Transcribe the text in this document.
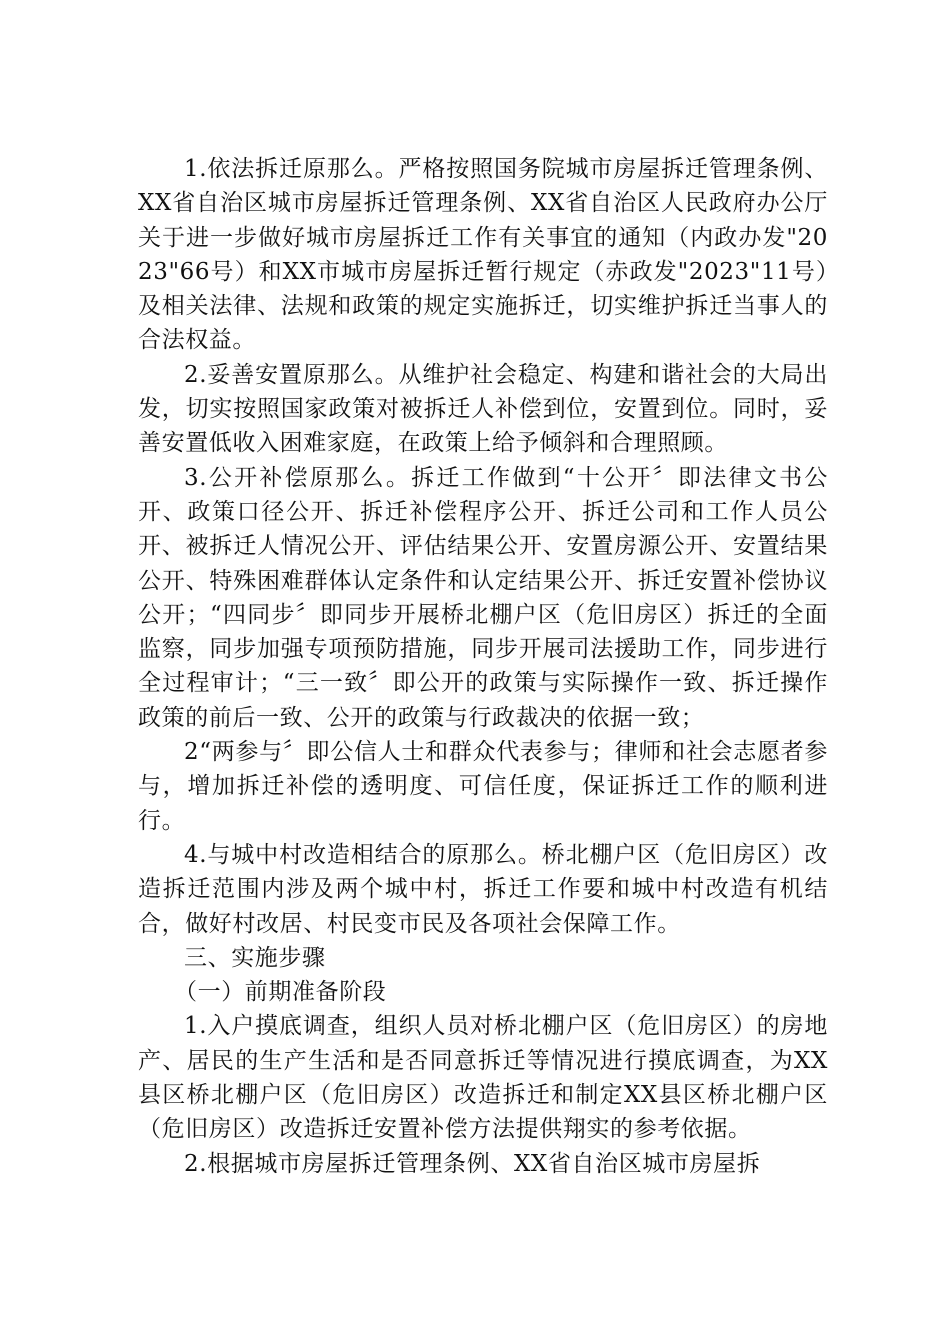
1.依法拆迁原那么。严格按照国务院城市房屋拆迁管理条例、XX省自治区城市房屋拆迁管理条例、XX省自治区人民政府办公厅关于进一步做好城市房屋拆迁工作有关事宜的通知（内政办发"2023"66号）和XX市城市房屋拆迁暂行规定（赤政发"2023"11号）及相关法律、法规和政策的规定实施拆迁，切实维护拆迁当事人的合法权益。

2.妥善安置原那么。从维护社会稳定、构建和谐社会的大局出发，切实按照国家政策对被拆迁人补偿到位，安置到位。同时，妥善安置低收入困难家庭，在政策上给予倾斜和合理照顾。

3.公开补偿原那么。拆迁工作做到“十公开〞即法律文书公开、政策口径公开、拆迁补偿程序公开、拆迁公司和工作人员公开、被拆迁人情况公开、评估结果公开、安置房源公开、安置结果公开、特殊困难群体认定条件和认定结果公开、拆迁安置补偿协议公开；“四同步〞即同步开展桥北棚户区（危旧房区）拆迁的全面监察，同步加强专项预防措施，同步开展司法援助工作，同步进行全过程审计；“三一致〞即公开的政策与实际操作一致、拆迁操作政策的前后一致、公开的政策与行政裁决的依据一致；

2“两参与〞即公信人士和群众代表参与；律师和社会志愿者参与，增加拆迁补偿的透明度、可信任度，保证拆迁工作的顺利进行。

4.与城中村改造相结合的原那么。桥北棚户区（危旧房区）改造拆迁范围内涉及两个城中村，拆迁工作要和城中村改造有机结合，做好村改居、村民变市民及各项社会保障工作。

三、实施步骤

（一）前期准备阶段

1.入户摸底调查，组织人员对桥北棚户区（危旧房区）的房地产、居民的生产生活和是否同意拆迁等情况进行摸底调查，为XX县区桥北棚户区（危旧房区）改造拆迁和制定XX县区桥北棚户区（危旧房区）改造拆迁安置补偿方法提供翔实的参考依据。

2.根据城市房屋拆迁管理条例、XX省自治区城市房屋拆
